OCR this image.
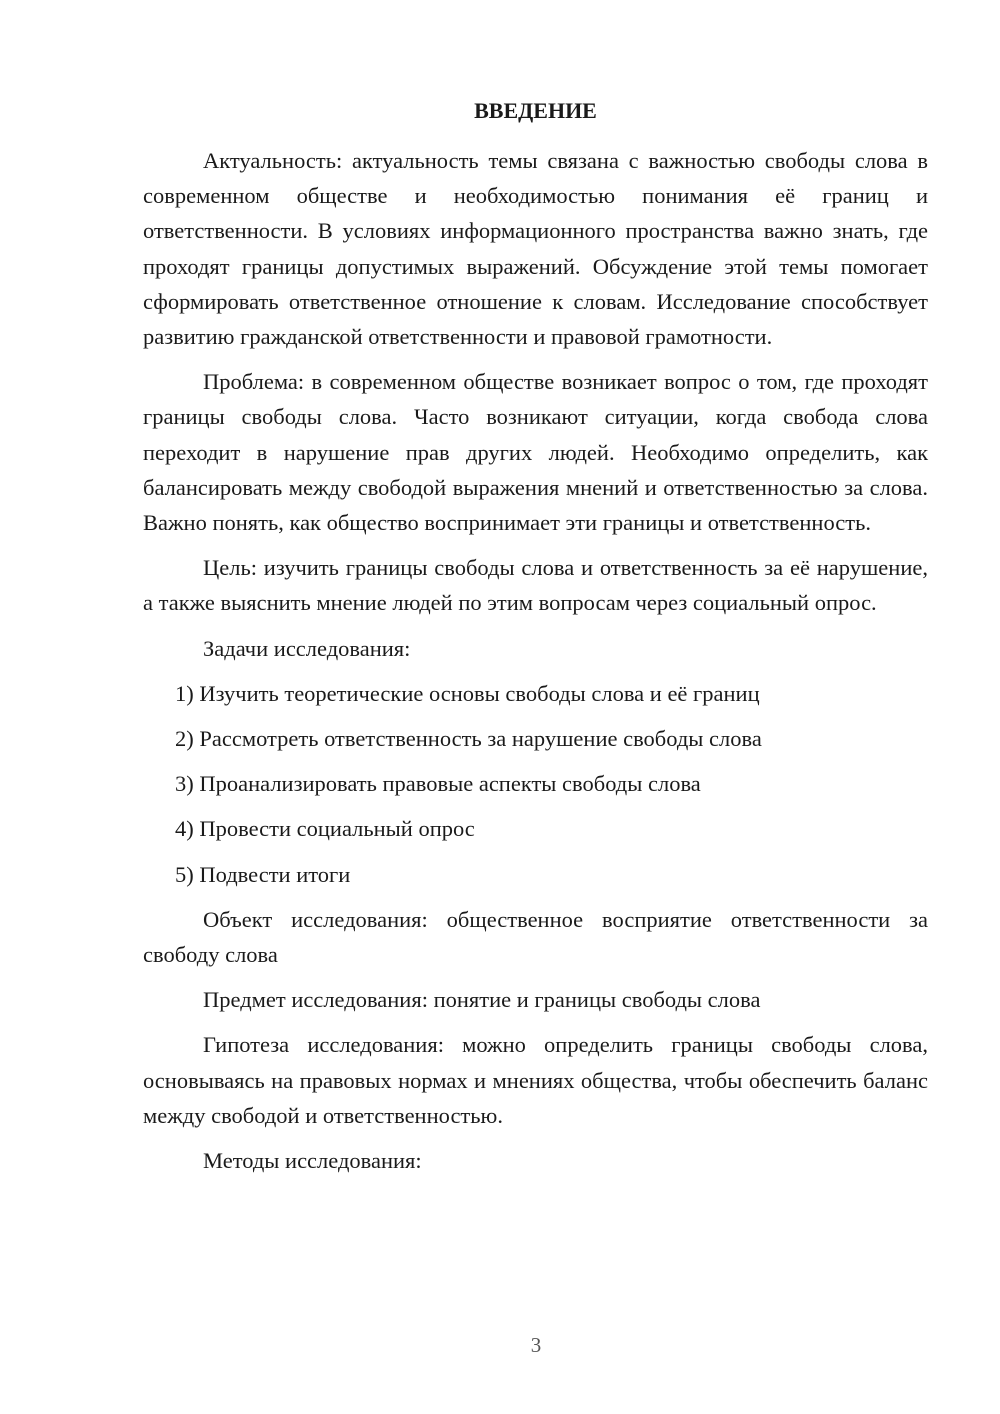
ВВЕДЕНИЕ

Актуальность: актуальность темы связана с важностью свободы слова в современном обществе и необходимостью понимания её границ и ответственности. В условиях информационного пространства важно знать, где проходят границы допустимых выражений. Обсуждение этой темы помогает сформировать ответственное отношение к словам. Исследование способствует развитию гражданской ответственности и правовой грамотности.

Проблема: в современном обществе возникает вопрос о том, где проходят границы свободы слова. Часто возникают ситуации, когда свобода слова переходит в нарушение прав других людей. Необходимо определить, как балансировать между свободой выражения мнений и ответственностью за слова. Важно понять, как общество воспринимает эти границы и ответственность.

Цель: изучить границы свободы слова и ответственность за её нарушение, а также выяснить мнение людей по этим вопросам через социальный опрос.

Задачи исследования:

1) Изучить теоретические основы свободы слова и её границ

2) Рассмотреть ответственность за нарушение свободы слова

3) Проанализировать правовые аспекты свободы слова

4) Провести социальный опрос

5) Подвести итоги

Объект исследования: общественное восприятие ответственности за свободу слова

Предмет исследования: понятие и границы свободы слова

Гипотеза исследования: можно определить границы свободы слова, основываясь на правовых нормах и мнениях общества, чтобы обеспечить баланс между свободой и ответственностью.

Методы исследования:

3
